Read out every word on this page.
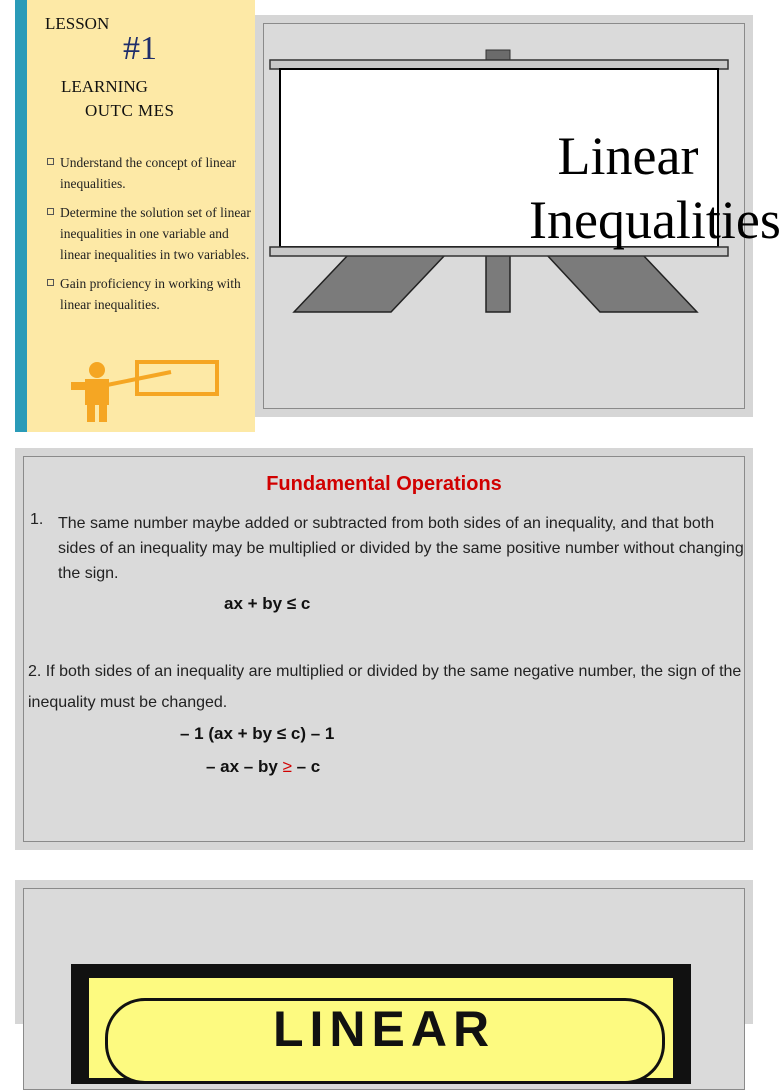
LESSON
#1
LEARNING
OUTC MES
Understand the concept of linear inequalities.
Determine the solution set of linear inequalities in one variable and linear inequalities in two variables.
Gain proficiency in working with linear inequalities.
Linear
Inequalities
Fundamental Operations
1. The same number maybe added or subtracted from both sides of an inequality, and that both sides of an inequality may be multiplied or divided by the same positive number without changing the sign.
ax + by ≤ c
2. If both sides of an inequality are multiplied or divided by the same negative number, the sign of the inequality must be changed.
– 1 (ax + by ≤ c) – 1
– ax – by ≥ – c
LINEAR
